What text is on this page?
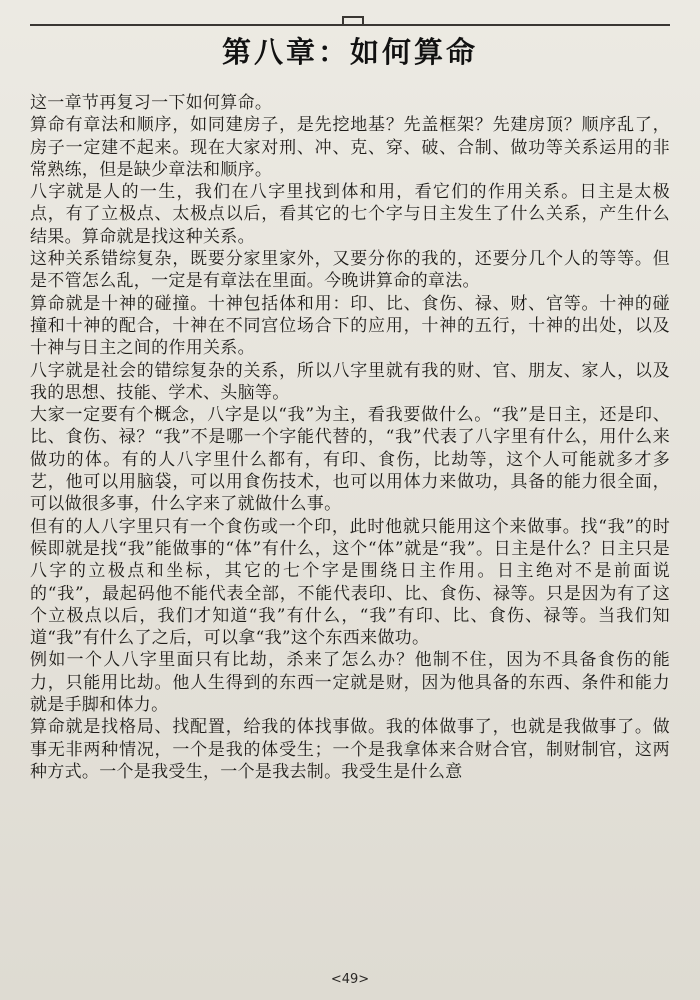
第八章：如何算命

这一章节再复习一下如何算命。

算命有章法和顺序，如同建房子，是先挖地基？先盖框架？先建房顶？顺序乱了，房子一定建不起来。现在大家对刑、冲、克、穿、破、合制、做功等关系运用的非常熟练，但是缺少章法和顺序。

八字就是人的一生，我们在八字里找到体和用，看它们的作用关系。日主是太极点，有了立极点、太极点以后，看其它的七个字与日主发生了什么关系，产生什么结果。算命就是找这种关系。

这种关系错综复杂，既要分家里家外，又要分你的我的，还要分几个人的等等。但是不管怎么乱，一定是有章法在里面。今晚讲算命的章法。

算命就是十神的碰撞。十神包括体和用：印、比、食伤、禄、财、官等。十神的碰撞和十神的配合，十神在不同宫位场合下的应用，十神的五行，十神的出处，以及十神与日主之间的作用关系。

八字就是社会的错综复杂的关系，所以八字里就有我的财、官、朋友、家人，以及我的思想、技能、学术、头脑等。

大家一定要有个概念，八字是以“我”为主，看我要做什么。“我”是日主，还是印、比、食伤、禄？“我”不是哪一个字能代替的，“我”代表了八字里有什么，用什么来做功的体。有的人八字里什么都有，有印、食伤，比劫等，这个人可能就多才多艺，他可以用脑袋，可以用食伤技术，也可以用体力来做功，具备的能力很全面，可以做很多事，什么字来了就做什么事。

但有的人八字里只有一个食伤或一个印，此时他就只能用这个来做事。找“我”的时候即就是找“我”能做事的“体”有什么，这个“体”就是“我”。日主是什么？日主只是八字的立极点和坐标，其它的七个字是围绕日主作用。日主绝对不是前面说的“我”，最起码他不能代表全部，不能代表印、比、食伤、禄等。只是因为有了这个立极点以后，我们才知道“我”有什么，“我”有印、比、食伤、禄等。当我们知道“我”有什么了之后，可以拿“我”这个东西来做功。

例如一个人八字里面只有比劫，杀来了怎么办？他制不住，因为不具备食伤的能力，只能用比劫。他人生得到的东西一定就是财，因为他具备的东西、条件和能力就是手脚和体力。

算命就是找格局、找配置，给我的体找事做。我的体做事了，也就是我做事了。做事无非两种情况，一个是我的体受生；一个是我拿体来合财合官，制财制官，这两种方式。一个是我受生，一个是我去制。我受生是什么意

<49>
